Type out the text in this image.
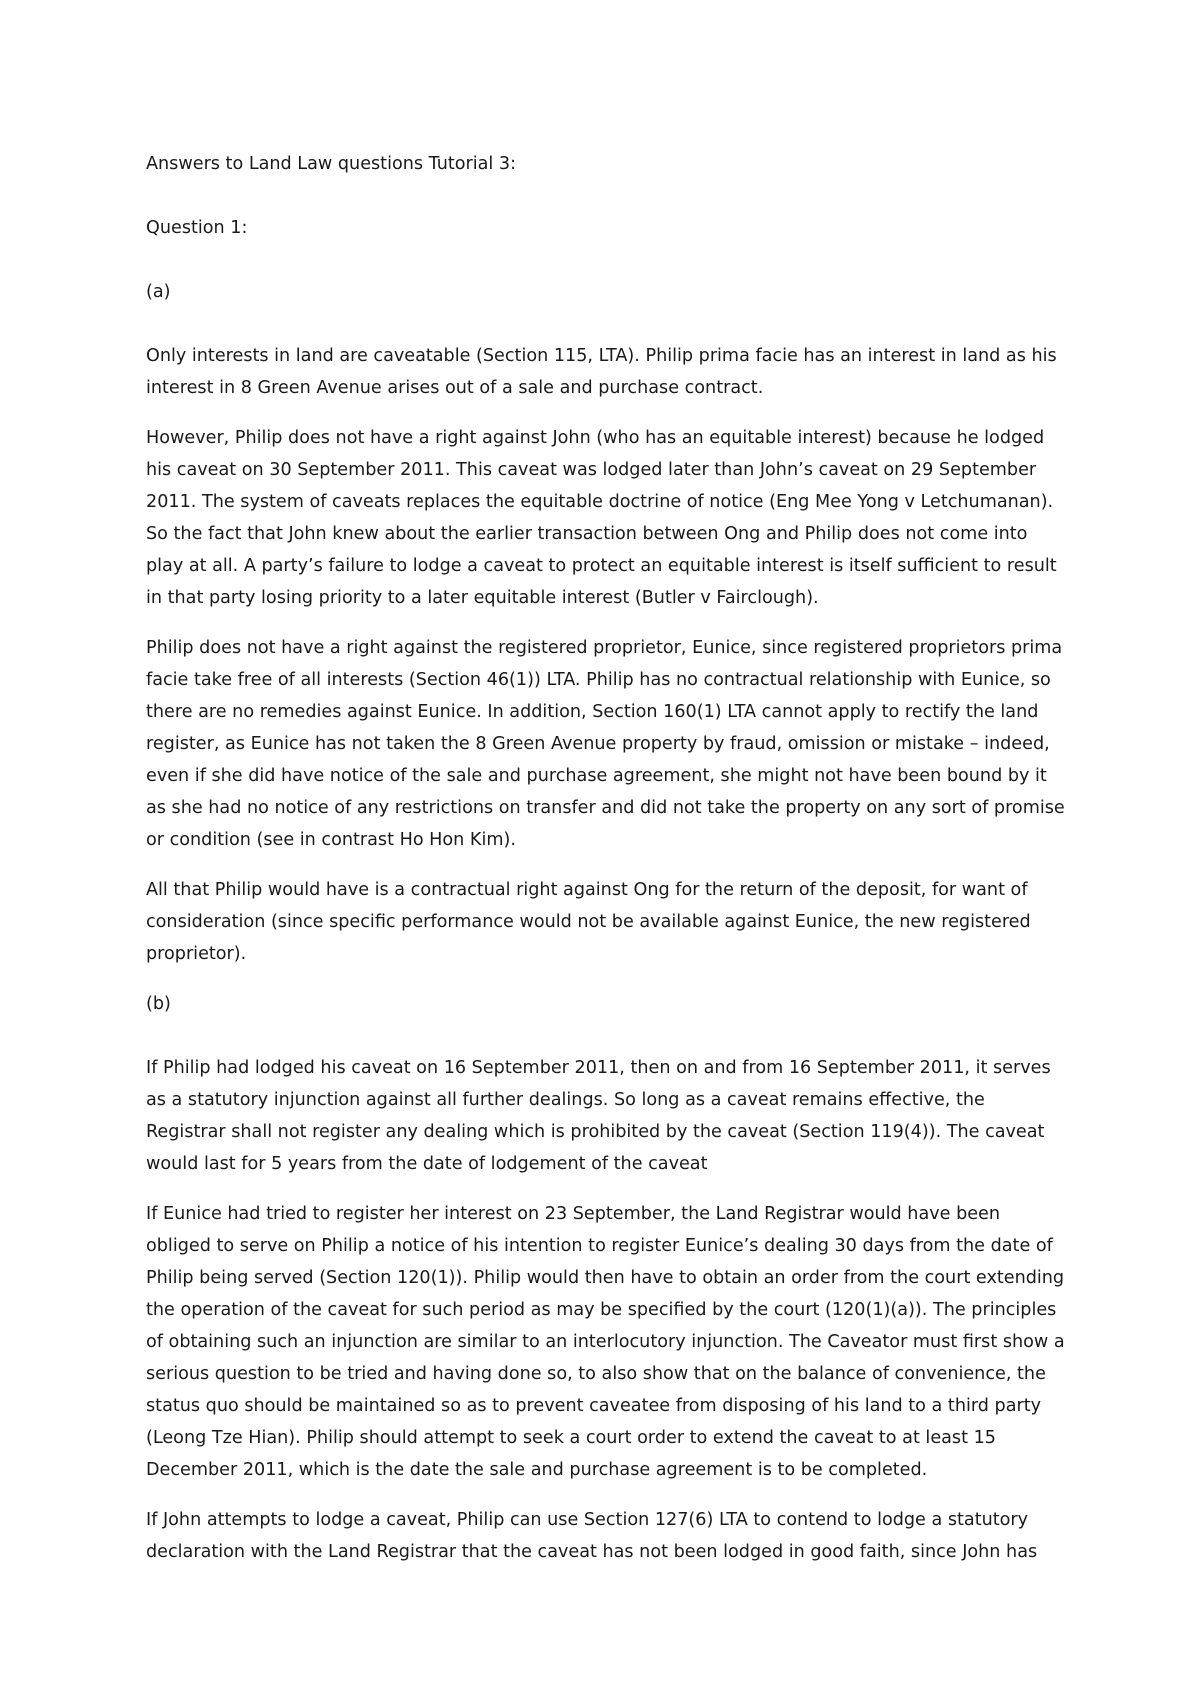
Answers to Land Law questions Tutorial 3:

Question 1:

(a)

Only interests in land are caveatable (Section 115, LTA). Philip prima facie has an interest in land as his interest in 8 Green Avenue arises out of a sale and purchase contract.

However, Philip does not have a right against John (who has an equitable interest) because he lodged his caveat on 30 September 2011. This caveat was lodged later than John’s caveat on 29 September 2011. The system of caveats replaces the equitable doctrine of notice (Eng Mee Yong v Letchumanan). So the fact that John knew about the earlier transaction between Ong and Philip does not come into play at all. A party’s failure to lodge a caveat to protect an equitable interest is itself sufficient to result in that party losing priority to a later equitable interest (Butler v Fairclough).

Philip does not have a right against the registered proprietor, Eunice, since registered proprietors prima facie take free of all interests (Section 46(1)) LTA. Philip has no contractual relationship with Eunice, so there are no remedies against Eunice. In addition, Section 160(1) LTA cannot apply to rectify the land register, as Eunice has not taken the 8 Green Avenue property by fraud, omission or mistake – indeed, even if she did have notice of the sale and purchase agreement, she might not have been bound by it as she had no notice of any restrictions on transfer and did not take the property on any sort of promise or condition (see in contrast Ho Hon Kim).

All that Philip would have is a contractual right against Ong for the return of the deposit, for want of consideration (since specific performance would not be available against Eunice, the new registered proprietor).

(b)

If Philip had lodged his caveat on 16 September 2011, then on and from 16 September 2011, it serves as a statutory injunction against all further dealings. So long as a caveat remains effective, the Registrar shall not register any dealing which is prohibited by the caveat (Section 119(4)). The caveat would last for 5 years from the date of lodgement of the caveat

If Eunice had tried to register her interest on 23 September, the Land Registrar would have been obliged to serve on Philip a notice of his intention to register Eunice’s dealing 30 days from the date of Philip being served (Section 120(1)). Philip would then have to obtain an order from the court extending the operation of the caveat for such period as may be specified by the court (120(1)(a)). The principles of obtaining such an injunction are similar to an interlocutory injunction. The Caveator must first show a serious question to be tried and having done so, to also show that on the balance of convenience, the status quo should be maintained so as to prevent caveatee from disposing of his land to a third party (Leong Tze Hian). Philip should attempt to seek a court order to extend the caveat to at least 15 December 2011, which is the date the sale and purchase agreement is to be completed.

If John attempts to lodge a caveat, Philip can use Section 127(6) LTA to contend to lodge a statutory declaration with the Land Registrar that the caveat has not been lodged in good faith, since John has
